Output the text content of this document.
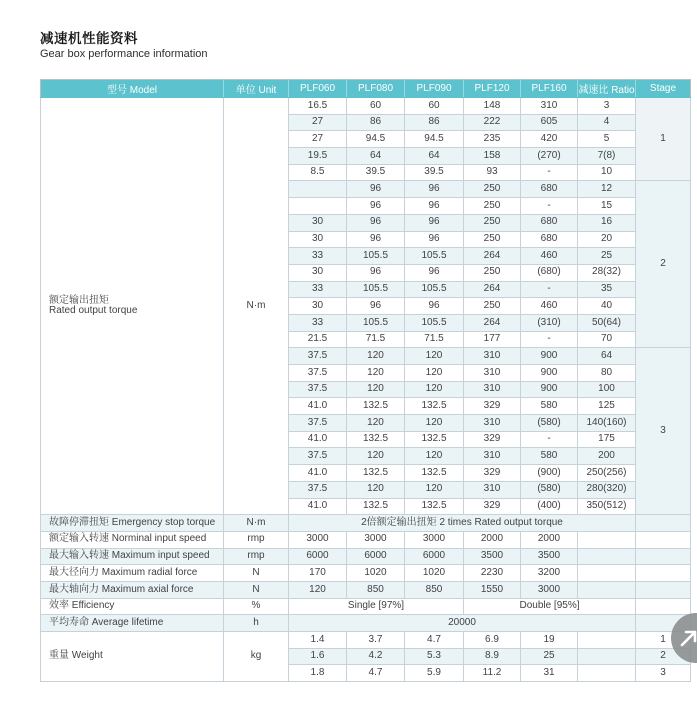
减速机性能资料
Gear box performance information
型号 Model	单位 Unit	PLF060	PLF080	PLF090	PLF120	PLF160	减速比 Ratio	Stage

额定输出扭矩
Rated output torque	N·m	16.5	60	60	148	310	3	1
		27	86	86	222	605	4	
		27	94.5	94.5	235	420	5	
		19.5	64	64	158	(270)	7(8)	
		8.5	39.5	39.5	93	-	10	
			96	96	250	680	12	2
			96	96	250	-	15	
		30	96	96	250	680	16	
		30	96	96	250	680	20	
		33	105.5	105.5	264	460	25	
		30	96	96	250	(680)	28(32)	
		33	105.5	105.5	264	-	35	
		30	96	96	250	460	40	
		33	105.5	105.5	264	(310)	50(64)	
		21.5	71.5	71.5	177	-	70	
		37.5	120	120	310	900	64	3
		37.5	120	120	310	900	80	
		37.5	120	120	310	900	100	
		41.0	132.5	132.5	329	580	125	
		37.5	120	120	310	(580)	140(160)	
		41.0	132.5	132.5	329	-	175	
		37.5	120	120	310	580	200	
		41.0	132.5	132.5	329	(900)	250(256)	
		37.5	120	120	310	(580)	280(320)	
		41.0	132.5	132.5	329	(400)	350(512)	
故障停滞扭矩 Emergency stop torque	N·m	2倍额定输出扭矩 2 times Rated output torque						
额定输入转速 Norminal input speed	rmp	3000	3000	3000	2000	2000		
最大输入转速 Maximum input speed	rmp	6000	6000	6000	3500	3500		
最大径向力 Maximum radial force	N	170	1020	1020	2230	3200		
最大轴向力 Maximum axial force	N	120	850	850	1550	3000		
效率 Efficiency	%	Single [97%]			Double [95%]			
平均寿命 Average lifetime	h	20000						
重量 Weight	kg	1.4	3.7	4.7	6.9	19		1
		1.6	4.2	5.3	8.9	25		2
		1.8	4.7	5.9	11.2	31		3
